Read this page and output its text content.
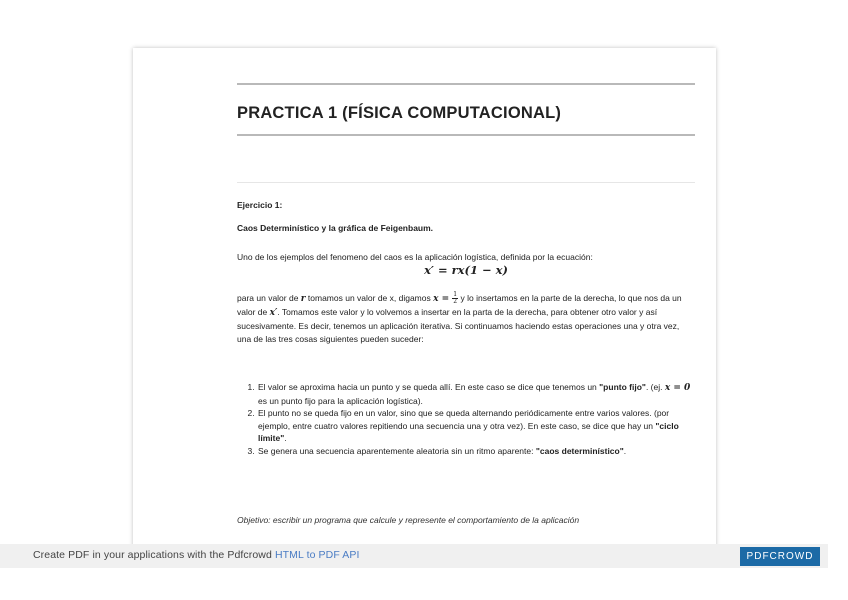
PRACTICA 1 (FÍSICA COMPUTACIONAL)
Ejercicio 1:
Caos Determinístico y la gráfica de Feigenbaum.
Uno de los ejemplos del fenomeno del caos es la aplicación logística, definida por la ecuación:
x′ = rx(1 − x)
para un valor de r tomamos un valor de x, digamos $x = \frac{1}{2}$ y lo insertamos en la parte de la derecha, lo que nos da un valor de x′. Tomamos este valor y lo volvemos a insertar en la parta de la derecha, para obtener otro valor y así sucesivamente. Es decir, tenemos un aplicación iterativa. Si continuamos haciendo estas operaciones una y otra vez, una de las tres cosas siguientes pueden suceder:
1. El valor se aproxima hacia un punto y se queda allí. En este caso se dice que tenemos un "punto fijo". (ej. x = 0 es un punto fijo para la aplicación logística).
2. El punto no se queda fijo en un valor, sino que se queda alternando periódicamente entre varios valores. (por ejemplo, entre cuatro valores repitiendo una secuencia una y otra vez). En este caso, se dice que hay un "ciclo límite".
3. Se genera una secuencia aparentemente aleatoria sin un ritmo aparente: "caos determinístico".
Objetivo: escribir un programa que calcule y represente el comportamiento de la aplicación
Create PDF in your applications with the Pdfcrowd HTML to PDF API	PDFCROWD
